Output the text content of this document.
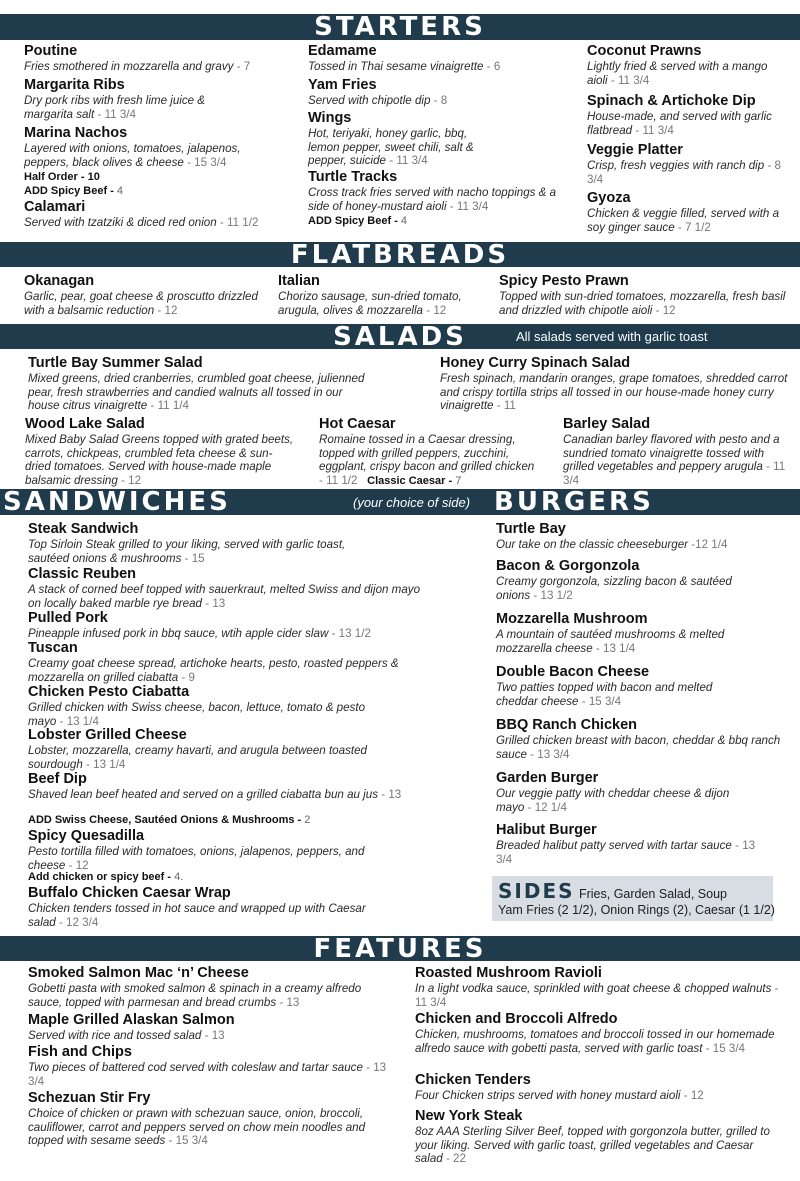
STARTERS
Poutine
Fries smothered in mozzarella and gravy - 7
Margarita Ribs
Dry pork ribs with fresh lime juice & margarita salt - 11 3/4
Marina Nachos
Layered with onions, tomatoes, jalapenos, peppers, black olives & cheese - 15 3/4
Half Order - 10
ADD Spicy Beef - 4
Calamari
Served with tzatziki & diced red onion - 11 1/2
Edamame
Tossed in Thai sesame vinaigrette - 6
Yam Fries
Served with chipotle dip - 8
Wings
Hot, teriyaki, honey garlic, bbq, lemon pepper, sweet chili, salt & pepper, suicide - 11 3/4
Turtle Tracks
Cross track fries served with nacho toppings & a side of honey-mustard aioli - 11 3/4
ADD Spicy Beef - 4
Coconut Prawns
Lightly fried & served with a mango aioli - 11 3/4
Spinach & Artichoke Dip
House-made, and served with garlic flatbread - 11 3/4
Veggie Platter
Crisp, fresh veggies with ranch dip - 8 3/4
Gyoza
Chicken & veggie filled, served with a soy ginger sauce - 7 1/2
FLATBREADS
Okanagan
Garlic, pear, goat cheese & proscutto drizzled with a balsamic reduction - 12
Italian
Chorizo sausage, sun-dried tomato, arugula, olives & mozzarella - 12
Spicy Pesto Prawn
Topped with sun-dried tomatoes, mozzarella, fresh basil and drizzled with chipotle aioli - 12
SALADS	All salads served with garlic toast
Turtle Bay Summer Salad
Mixed greens, dried cranberries, crumbled goat cheese, julienned pear, fresh strawberries and candied walnuts all tossed in our house citrus vinaigrette - 11 1/4
Honey Curry Spinach Salad
Fresh spinach, mandarin oranges, grape tomatoes, shredded carrot and crispy tortilla strips all tossed in our house-made honey curry vinaigrette - 11
Wood Lake Salad
Mixed Baby Salad Greens topped with grated beets, carrots, chickpeas, crumbled feta cheese & sun-dried tomatoes. Served with house-made maple balsamic dressing - 12
Hot Caesar
Romaine tossed in a Caesar dressing, topped with grilled peppers, zucchini, eggplant, crispy bacon and grilled chicken - 11 1/2 Classic Caesar - 7
Barley Salad
Canadian barley flavored with pesto and a sundried tomato vinaigrette tossed with grilled vegetables and peppery arugula - 11 3/4
SANDWICHES	(your choice of side) BURGERS
Steak Sandwich
Top Sirloin Steak grilled to your liking, served with garlic toast, sautéed onions & mushrooms - 15
Classic Reuben
A stack of corned beef topped with sauerkraut, melted Swiss and dijon mayo on locally baked marble rye bread - 13
Pulled Pork
Pineapple infused pork in bbq sauce, wtih apple cider slaw - 13 1/2
Tuscan
Creamy goat cheese spread, artichoke hearts, pesto, roasted peppers & mozzarella on grilled ciabatta - 9
Chicken Pesto Ciabatta
Grilled chicken with Swiss cheese, bacon, lettuce, tomato & pesto mayo - 13 1/4
Lobster Grilled Cheese
Lobster, mozzarella, creamy havarti, and arugula between toasted sourdough - 13 1/4
Beef Dip
Shaved lean beef heated and served on a grilled ciabatta bun au jus - 13
ADD Swiss Cheese, Sautéed Onions & Mushrooms - 2
Spicy Quesadilla
Pesto tortilla filled with tomatoes, onions, jalapenos, peppers, and cheese - 12
Add chicken or spicy beef - 4.
Buffalo Chicken Caesar Wrap
Chicken tenders tossed in hot sauce and wrapped up with Caesar salad - 12 3/4
Turtle Bay
Our take on the classic cheeseburger -12 1/4
Bacon & Gorgonzola
Creamy gorgonzola, sizzling bacon & sautéed onions - 13 1/2
Mozzarella Mushroom
A mountain of sautéed mushrooms & melted mozzarella cheese - 13 1/4
Double Bacon Cheese
Two patties topped with bacon and melted cheddar cheese - 15 3/4
BBQ Ranch Chicken
Grilled chicken breast with bacon, cheddar & bbq ranch sauce - 13 3/4
Garden Burger
Our veggie patty with cheddar cheese & dijon mayo - 12 1/4
Halibut Burger
Breaded halibut patty served with tartar sauce - 13 3/4
SIDES Fries, Garden Salad, Soup
Yam Fries (2 1/2), Onion Rings (2), Caesar (1 1/2)
FEATURES
Smoked Salmon Mac ‘n’ Cheese
Gobetti pasta with smoked salmon & spinach in a creamy alfredo sauce, topped with parmesan and bread crumbs - 13
Maple Grilled Alaskan Salmon
Served with rice and tossed salad - 13
Fish and Chips
Two pieces of battered cod served with coleslaw and tartar sauce - 13 3/4
Schezuan Stir Fry
Choice of chicken or prawn with schezuan sauce, onion, broccoli, cauliflower, carrot and peppers served on chow mein noodles and topped with sesame seeds - 15 3/4
Roasted Mushroom Ravioli
In a light vodka sauce, sprinkled with goat cheese & chopped walnuts - 11 3/4
Chicken and Broccoli Alfredo
Chicken, mushrooms, tomatoes and broccoli tossed in our homemade alfredo sauce with gobetti pasta, served with garlic toast - 15 3/4
Chicken Tenders
Four Chicken strips served with honey mustard aioli - 12
New York Steak
8oz AAA Sterling Silver Beef, topped with gorgonzola butter, grilled to your liking. Served with garlic toast, grilled vegetables and Caesar salad - 22
